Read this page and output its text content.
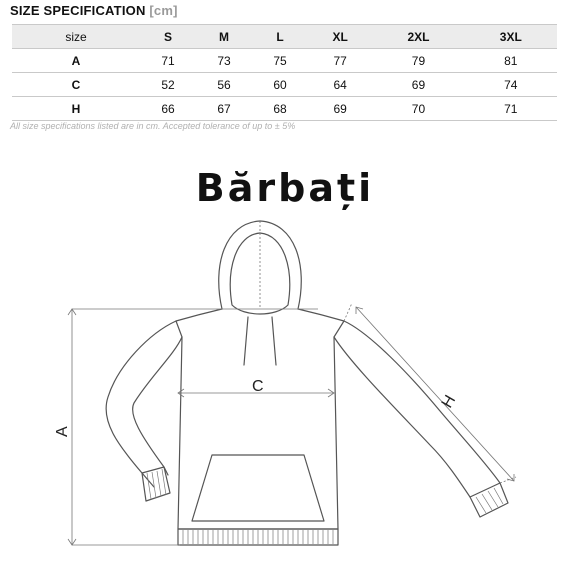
SIZE SPECIFICATION [cm]
size	S	M	L	XL	2XL	3XL
A	71	73	75	77	79	81
C	52	56	60	64	69	74
H	66	67	68	69	70	71
All size specifications listed are in cm. Accepted tolerance of up to ± 5%
Bărbați
C
A
H
